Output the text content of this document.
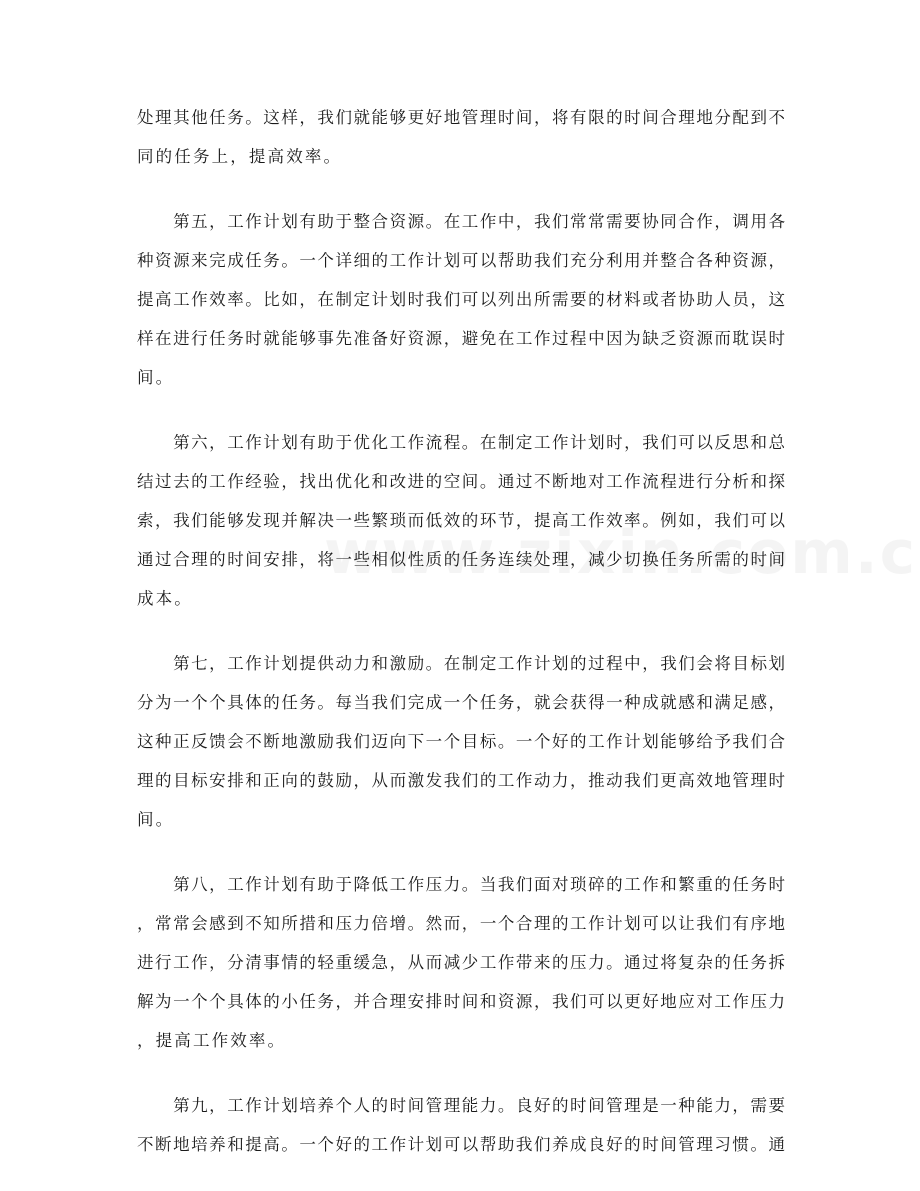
处理其他任务。这样，我们就能够更好地管理时间，将有限的时间合理地分配到不
同的任务上，提高效率。
　　第五，工作计划有助于整合资源。在工作中，我们常常需要协同合作，调用各
种资源来完成任务。一个详细的工作计划可以帮助我们充分利用并整合各种资源，
提高工作效率。比如，在制定计划时我们可以列出所需要的材料或者协助人员，这
样在进行任务时就能够事先准备好资源，避免在工作过程中因为缺乏资源而耽误时
间。
　　第六，工作计划有助于优化工作流程。在制定工作计划时，我们可以反思和总
结过去的工作经验，找出优化和改进的空间。通过不断地对工作流程进行分析和探
索，我们能够发现并解决一些繁琐而低效的环节，提高工作效率。例如，我们可以
通过合理的时间安排，将一些相似性质的任务连续处理，减少切换任务所需的时间
成本。
　　第七，工作计划提供动力和激励。在制定工作计划的过程中，我们会将目标划
分为一个个具体的任务。每当我们完成一个任务，就会获得一种成就感和满足感，
这种正反馈会不断地激励我们迈向下一个目标。一个好的工作计划能够给予我们合
理的目标安排和正向的鼓励，从而激发我们的工作动力，推动我们更高效地管理时
间。
　　第八，工作计划有助于降低工作压力。当我们面对琐碎的工作和繁重的任务时
，常常会感到不知所措和压力倍增。然而，一个合理的工作计划可以让我们有序地
进行工作，分清事情的轻重缓急，从而减少工作带来的压力。通过将复杂的任务拆
解为一个个具体的小任务，并合理安排时间和资源，我们可以更好地应对工作压力
，提高工作效率。
　　第九，工作计划培养个人的时间管理能力。良好的时间管理是一种能力，需要
不断地培养和提高。一个好的工作计划可以帮助我们养成良好的时间管理习惯。通
